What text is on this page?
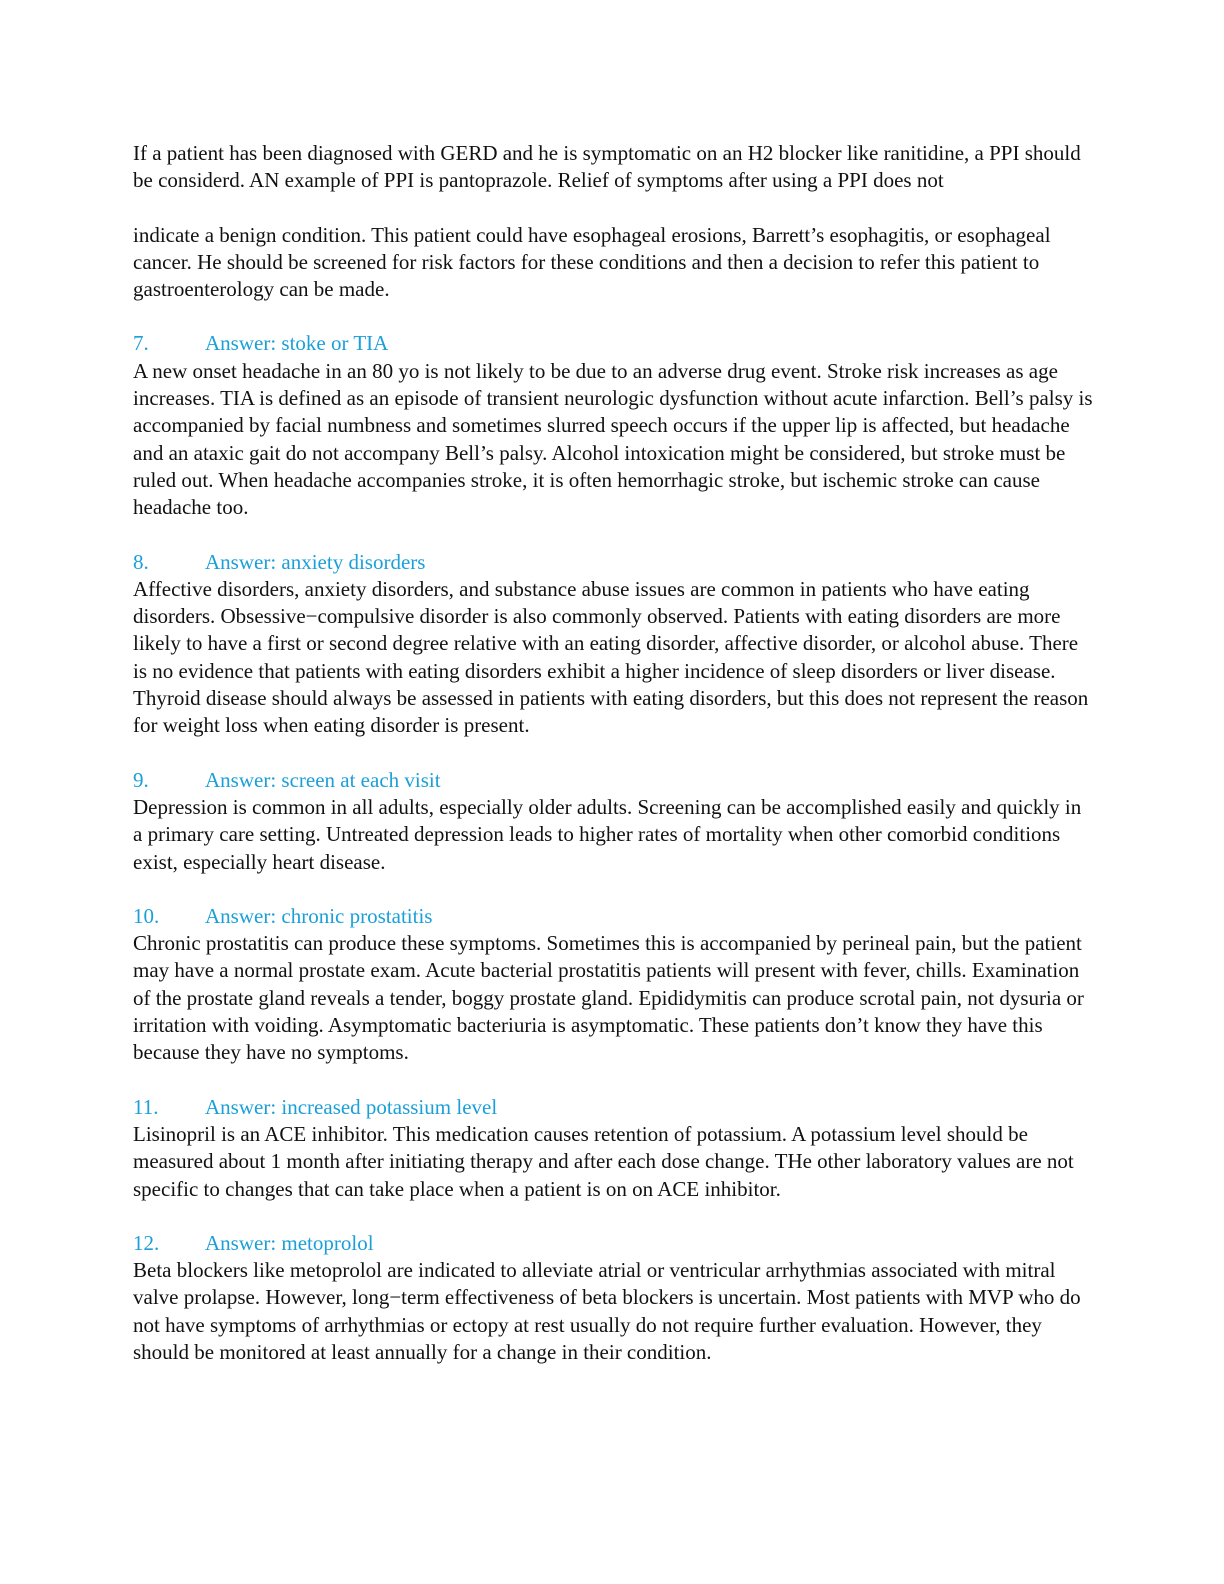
If a patient has been diagnosed with GERD and he is symptomatic on an H2 blocker like ranitidine, a PPI should be considerd. AN example of PPI is pantoprazole. Relief of symptoms after using a PPI does not

indicate a benign condition. This patient could have esophageal erosions, Barrett’s esophagitis, or esophageal cancer. He should be screened for risk factors for these conditions and then a decision to refer this patient to gastroenterology can be made.

7.	Answer: stoke or TIA

A new onset headache in an 80 yo is not likely to be due to an adverse drug event. Stroke risk increases as age increases. TIA is defined as an episode of transient neurologic dysfunction without acute infarction. Bell’s palsy is accompanied by facial numbness and sometimes slurred speech occurs if the upper lip is affected, but headache and an ataxic gait do not accompany Bell’s palsy. Alcohol intoxication might be considered, but stroke must be ruled out. When headache accompanies stroke, it is often hemorrhagic stroke, but ischemic stroke can cause headache too.

8.	Answer: anxiety disorders

Affective disorders, anxiety disorders, and substance abuse issues are common in patients who have eating disorders. Obsessive−compulsive disorder is also commonly observed. Patients with eating disorders are more likely to have a first or second degree relative with an eating disorder, affective disorder, or alcohol abuse. There is no evidence that patients with eating disorders exhibit a higher incidence of sleep disorders or liver disease. Thyroid disease should always be assessed in patients with eating disorders, but this does not represent the reason for weight loss when eating disorder is present.

9.	Answer: screen at each visit

Depression is common in all adults, especially older adults. Screening can be accomplished easily and quickly in a primary care setting. Untreated depression leads to higher rates of mortality when other comorbid conditions exist, especially heart disease.

10.	Answer: chronic prostatitis

Chronic prostatitis can produce these symptoms. Sometimes this is accompanied by perineal pain, but the patient may have a normal prostate exam. Acute bacterial prostatitis patients will present with fever, chills. Examination of the prostate gland reveals a tender, boggy prostate gland. Epididymitis can produce scrotal pain, not dysuria or irritation with voiding. Asymptomatic bacteriuria is asymptomatic. These patients don’t know they have this because they have no symptoms.

11.	Answer: increased potassium level

Lisinopril is an ACE inhibitor. This medication causes retention of potassium. A potassium level should be measured about 1 month after initiating therapy and after each dose change. THe other laboratory values are not specific to changes that can take place when a patient is on on ACE inhibitor.

12.	Answer: metoprolol

Beta blockers like metoprolol are indicated to alleviate atrial or ventricular arrhythmias associated with mitral valve prolapse. However, long−term effectiveness of beta blockers is uncertain. Most patients with MVP who do not have symptoms of arrhythmias or ectopy at rest usually do not require further evaluation. However, they should be monitored at least annually for a change in their condition.
